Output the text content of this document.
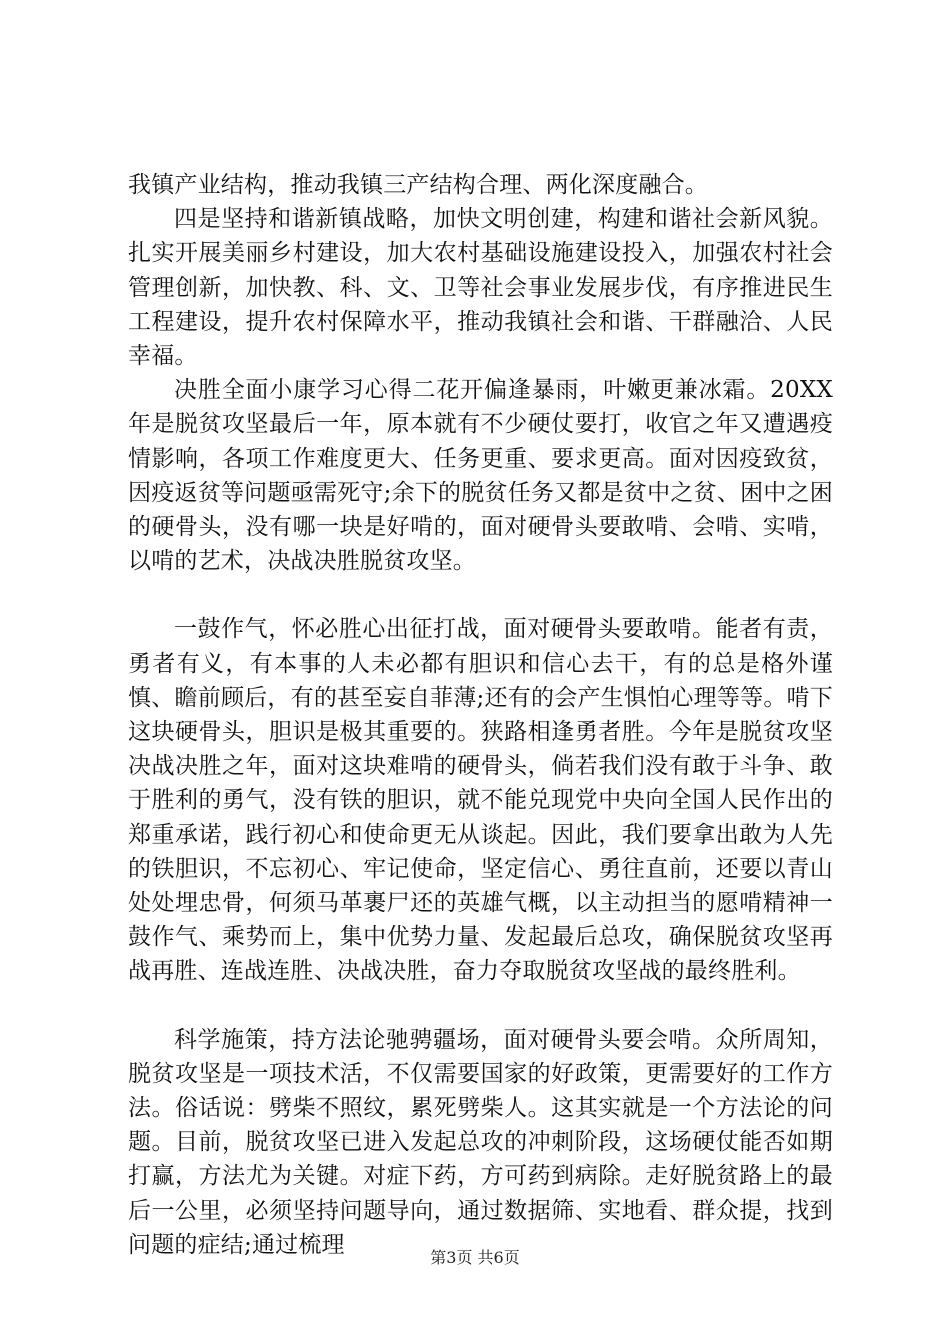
我镇产业结构，推动我镇三产结构合理、两化深度融合。

四是坚持和谐新镇战略，加快文明创建，构建和谐社会新风貌。扎实开展美丽乡村建设，加大农村基础设施建设投入，加强农村社会管理创新，加快教、科、文、卫等社会事业发展步伐，有序推进民生工程建设，提升农村保障水平，推动我镇社会和谐、干群融洽、人民幸福。

决胜全面小康学习心得二花开偏逢暴雨，叶嫩更兼冰霜。20XX年是脱贫攻坚最后一年，原本就有不少硬仗要打，收官之年又遭遇疫情影响，各项工作难度更大、任务更重、要求更高。面对因疫致贫，因疫返贫等问题亟需死守;余下的脱贫任务又都是贫中之贫、困中之困的硬骨头，没有哪一块是好啃的，面对硬骨头要敢啃、会啃、实啃，以啃的艺术，决战决胜脱贫攻坚。

一鼓作气，怀必胜心出征打战，面对硬骨头要敢啃。能者有责，勇者有义，有本事的人未必都有胆识和信心去干，有的总是格外谨慎、瞻前顾后，有的甚至妄自菲薄;还有的会产生惧怕心理等等。啃下这块硬骨头，胆识是极其重要的。狭路相逢勇者胜。今年是脱贫攻坚决战决胜之年，面对这块难啃的硬骨头，倘若我们没有敢于斗争、敢于胜利的勇气，没有铁的胆识，就不能兑现党中央向全国人民作出的郑重承诺，践行初心和使命更无从谈起。因此，我们要拿出敢为人先的铁胆识，不忘初心、牢记使命，坚定信心、勇往直前，还要以青山处处埋忠骨，何须马革裹尸还的英雄气概，以主动担当的愿啃精神一鼓作气、乘势而上，集中优势力量、发起最后总攻，确保脱贫攻坚再战再胜、连战连胜、决战决胜，奋力夺取脱贫攻坚战的最终胜利。

科学施策，持方法论驰骋疆场，面对硬骨头要会啃。众所周知，脱贫攻坚是一项技术活，不仅需要国家的好政策，更需要好的工作方法。俗话说：劈柴不照纹，累死劈柴人。这其实就是一个方法论的问题。目前，脱贫攻坚已进入发起总攻的冲刺阶段，这场硬仗能否如期打赢，方法尤为关键。对症下药，方可药到病除。走好脱贫路上的最后一公里，必须坚持问题导向，通过数据筛、实地看、群众提，找到问题的症结;通过梳理	第3页 共6页
